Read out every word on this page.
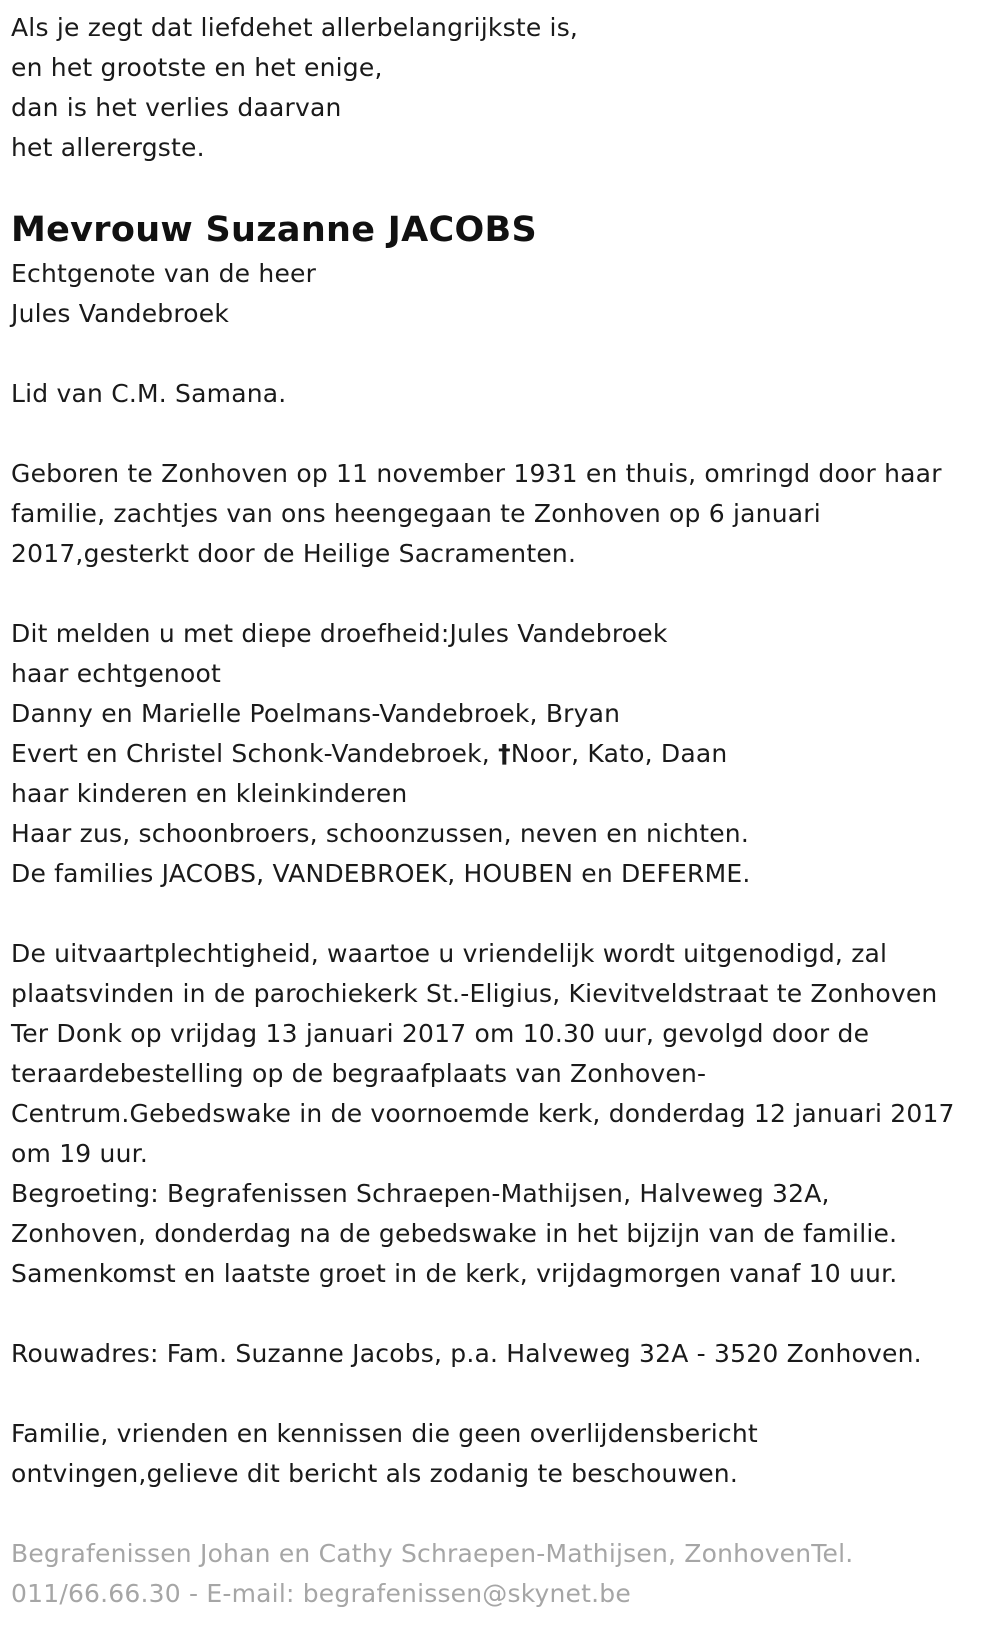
Als je zegt dat liefdehet allerbelangrijkste is,
en het grootste en het enige,
dan is het verlies daarvan
het allerergste.
Mevrouw Suzanne JACOBS
Echtgenote van de heer
Jules Vandebroek
Lid van C.M. Samana.
Geboren te Zonhoven op 11 november 1931 en thuis, omringd door haar
familie, zachtjes van ons heengegaan te Zonhoven op 6 januari
2017,gesterkt door de Heilige Sacramenten.
Dit melden u met diepe droefheid:Jules Vandebroek
haar echtgenoot
Danny en Marielle Poelmans-Vandebroek, Bryan
Evert en Christel Schonk-Vandebroek, †Noor, Kato, Daan
haar kinderen en kleinkinderen
Haar zus, schoonbroers, schoonzussen, neven en nichten.
De families JACOBS, VANDEBROEK, HOUBEN en DEFERME.
De uitvaartplechtigheid, waartoe u vriendelijk wordt uitgenodigd, zal
plaatsvinden in de parochiekerk St.-Eligius, Kievitveldstraat te Zonhoven
Ter Donk op vrijdag 13 januari 2017 om 10.30 uur, gevolgd door de
teraardebestelling op de begraafplaats van Zonhoven-
Centrum.Gebedswake in de voornoemde kerk, donderdag 12 januari 2017
om 19 uur.
Begroeting: Begrafenissen Schraepen-Mathijsen, Halveweg 32A,
Zonhoven, donderdag na de gebedswake in het bijzijn van de familie.
Samenkomst en laatste groet in de kerk, vrijdagmorgen vanaf 10 uur.
Rouwadres: Fam. Suzanne Jacobs, p.a. Halveweg 32A - 3520 Zonhoven.
Familie, vrienden en kennissen die geen overlijdensbericht
ontvingen,gelieve dit bericht als zodanig te beschouwen.
Begrafenissen Johan en Cathy Schraepen-Mathijsen, ZonhovenTel.
011/66.66.30 - E-mail: begrafenissen@skynet.be
